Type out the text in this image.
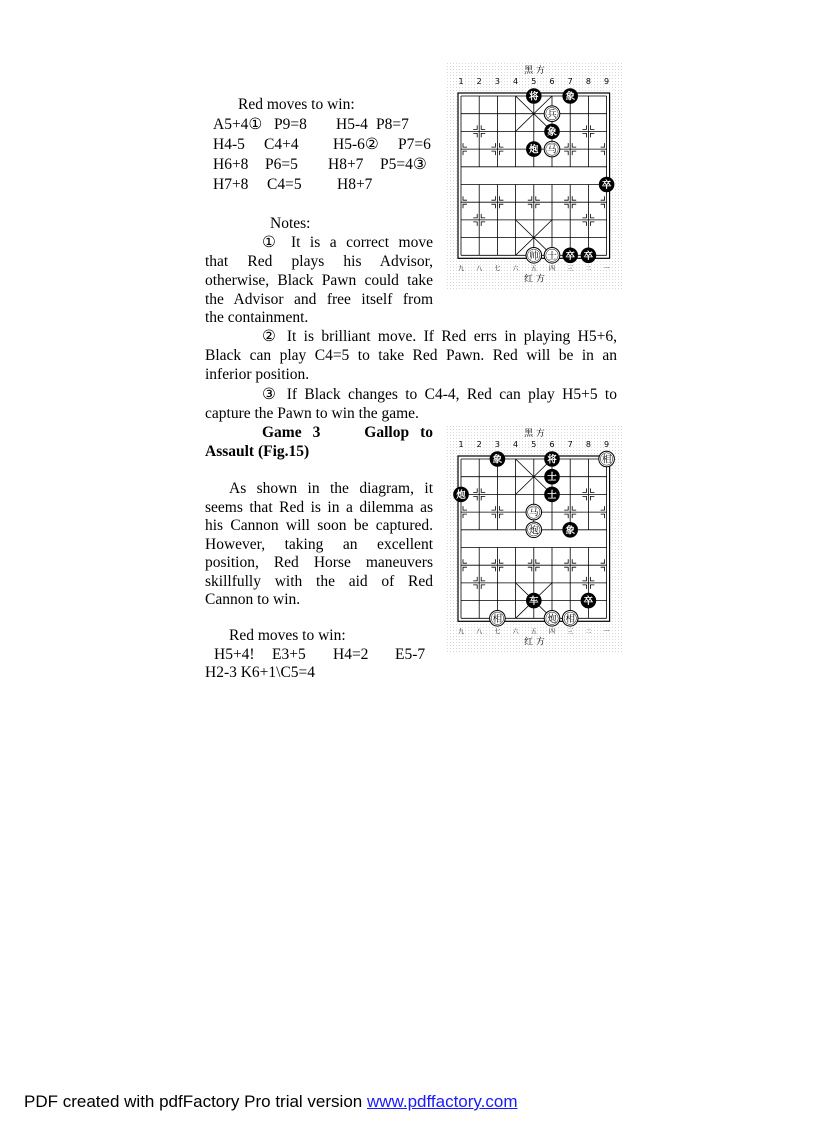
Red moves to win:
A5+4① P9=8 H5-4 P8=7
H4-5 C4+4 H5-6② P7=6
H6+8 P6=5 H8+7 P5=4③
H7+8 C4=5 H8+7
Notes:
① It is a correct move
that Red plays his Advisor,
otherwise, Black Pawn could take
the Advisor and free itself from
the containment.
② It is brilliant move. If Red errs in playing H5+6,
Black can play C4=5 to take Red Pawn. Red will be in an
inferior position.
③ If Black changes to C4-4, Red can play H5+5 to
capture the Pawn to win the game.
Game 3    Gallop to
Assault (Fig.15)
As shown in the diagram, it
seems that Red is in a dilemma as
his Cannon will soon be captured.
However, taking an excellent
position, Red Horse maneuvers
skillfully with the aid of Red
Cannon to win.
Red moves to win:
H5+4! E3+5 H4=2 E5-7
H2-3 K6+1\C5=4
黑 方
1 2 3 4 5 6 7 8 9
九 八 七 六 五 四 三 二 一
红 方
将	象
兵
象
炮 马
卒
帅 士 卒 卒
黑 方
1 2 3 4 5 6 7 8 9
九 八 七 六 五 四 三 二 一
红 方
象	将	相
士
炮	士
马
炮	象
车	卒
相	炮 相
PDF created with pdfFactory Pro trial version www.pdffactory.com
